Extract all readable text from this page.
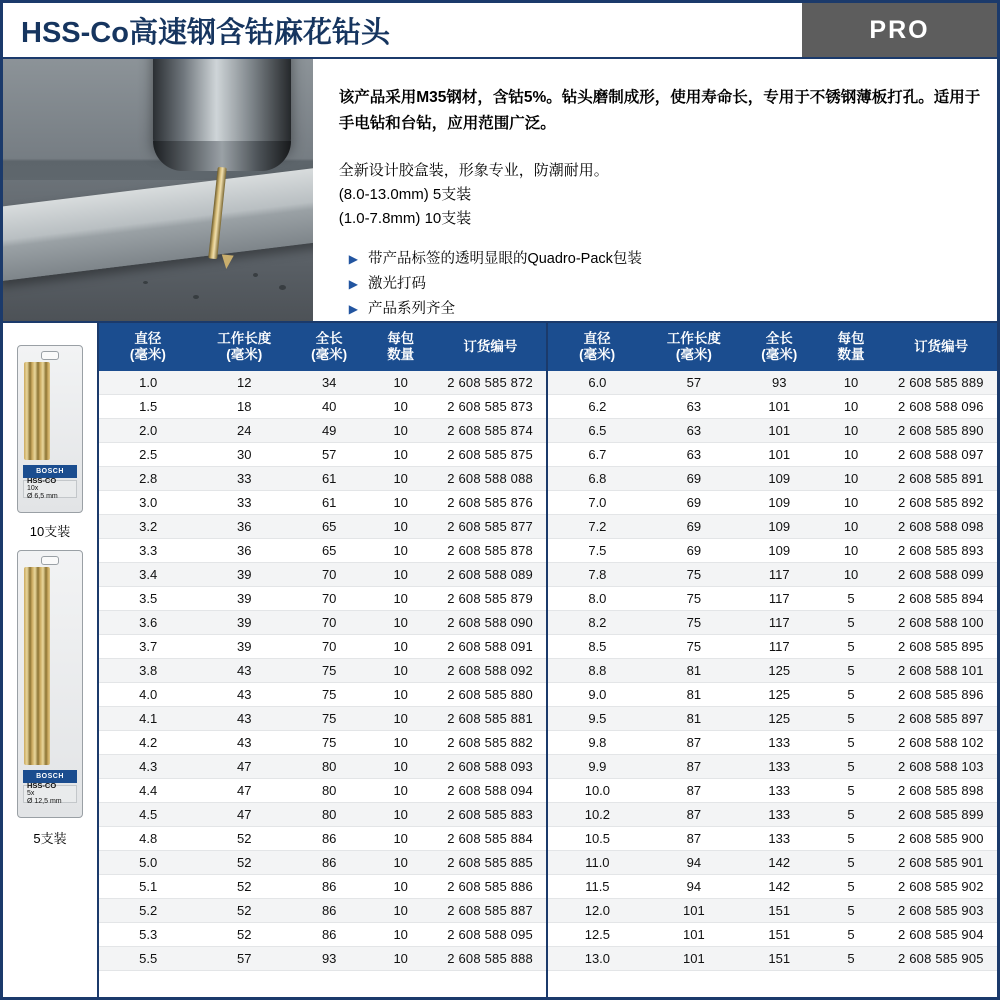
HSS-Co高速钢含钴麻花钻头	PRO

该产品采用M35钢材，含钴5%。钻头磨制成形，使用寿命长，专用于不锈钢薄板打孔。适用于手电钻和台钻，应用范围广泛。

全新设计胶盒装，形象专业，防潮耐用。
(8.0-13.0mm) 5支装
(1.0-7.8mm) 10支装
▶ 带产品标签的透明显眼的Quadro-Pack包装
▶ 激光打码
▶ 产品系列齐全
BOSCH
HSS-CO
10x
Ø 6,5 mm
10支装
BOSCH
HSS-CO
5x
Ø 12,5 mm
5支装
直径
(毫米)

工作长度
(毫米)

全长
(毫米)

每包
数量

订货编号

1.0	12	34	10	2 608 585 872
1.5	18	40	10	2 608 585 873
2.0	24	49	10	2 608 585 874
2.5	30	57	10	2 608 585 875
2.8	33	61	10	2 608 588 088
3.0	33	61	10	2 608 585 876
3.2	36	65	10	2 608 585 877
3.3	36	65	10	2 608 585 878
3.4	39	70	10	2 608 588 089
3.5	39	70	10	2 608 585 879
3.6	39	70	10	2 608 588 090
3.7	39	70	10	2 608 588 091
3.8	43	75	10	2 608 588 092
4.0	43	75	10	2 608 585 880
4.1	43	75	10	2 608 585 881
4.2	43	75	10	2 608 585 882
4.3	47	80	10	2 608 588 093
4.4	47	80	10	2 608 588 094
4.5	47	80	10	2 608 585 883
4.8	52	86	10	2 608 585 884
5.0	52	86	10	2 608 585 885
5.1	52	86	10	2 608 585 886
5.2	52	86	10	2 608 585 887
5.3	52	86	10	2 608 588 095
5.5	57	93	10	2 608 585 888
直径
(毫米)

工作长度
(毫米)

全长
(毫米)

每包
数量

订货编号

6.0	57	93	10	2 608 585 889
6.2	63	101	10	2 608 588 096
6.5	63	101	10	2 608 585 890
6.7	63	101	10	2 608 588 097
6.8	69	109	10	2 608 585 891
7.0	69	109	10	2 608 585 892
7.2	69	109	10	2 608 588 098
7.5	69	109	10	2 608 585 893
7.8	75	117	10	2 608 588 099
8.0	75	117	5	2 608 585 894
8.2	75	117	5	2 608 588 100
8.5	75	117	5	2 608 585 895
8.8	81	125	5	2 608 588 101
9.0	81	125	5	2 608 585 896
9.5	81	125	5	2 608 585 897
9.8	87	133	5	2 608 588 102
9.9	87	133	5	2 608 588 103
10.0	87	133	5	2 608 585 898
10.2	87	133	5	2 608 585 899
10.5	87	133	5	2 608 585 900
11.0	94	142	5	2 608 585 901
11.5	94	142	5	2 608 585 902
12.0	101	151	5	2 608 585 903
12.5	101	151	5	2 608 585 904
13.0	101	151	5	2 608 585 905
